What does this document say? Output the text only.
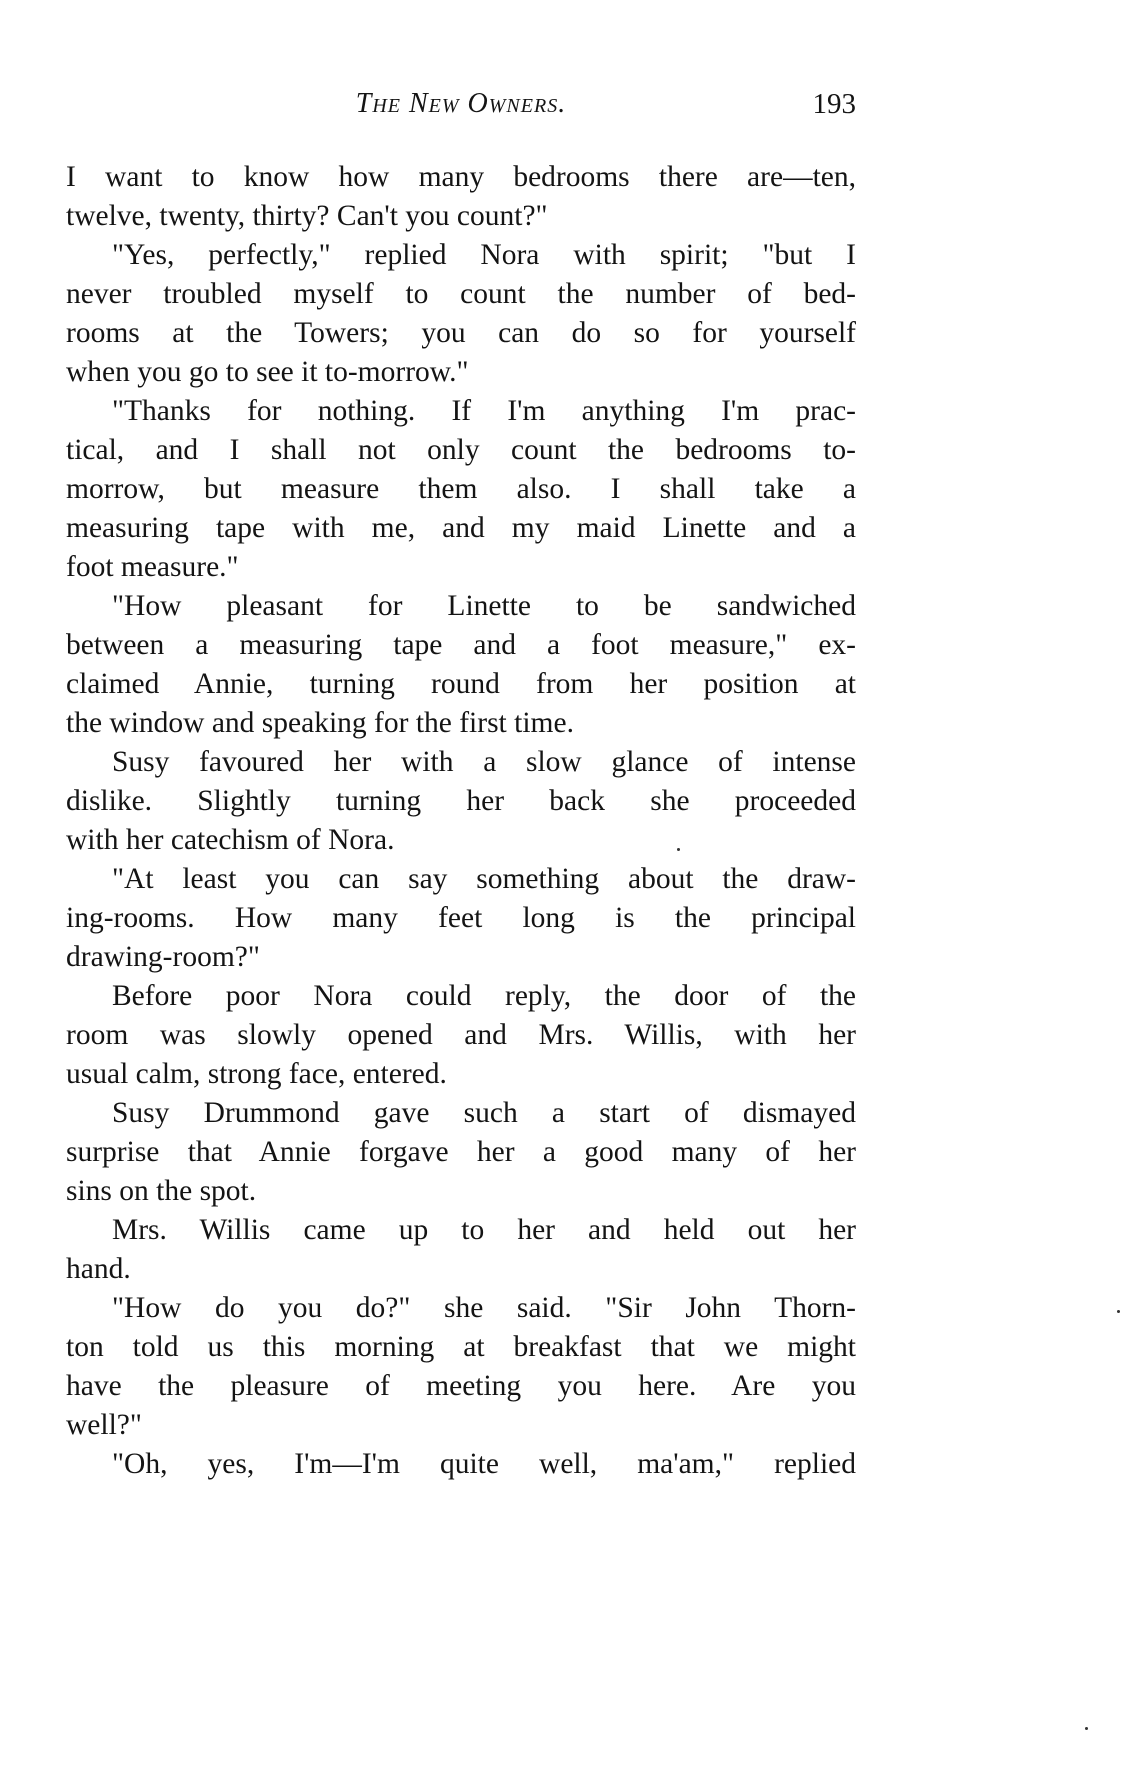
The New Owners.	193
I want to know how many bedrooms there are—ten,
twelve, twenty, thirty? Can't you count?"
"Yes, perfectly," replied Nora with spirit; "but I
never troubled myself to count the number of bed-
rooms at the Towers; you can do so for yourself
when you go to see it to-morrow."
"Thanks for nothing. If I'm anything I'm prac-
tical, and I shall not only count the bedrooms to-
morrow, but measure them also. I shall take a
measuring tape with me, and my maid Linette and a
foot measure."
"How pleasant for Linette to be sandwiched
between a measuring tape and a foot measure," ex-
claimed Annie, turning round from her position at
the window and speaking for the first time.
Susy favoured her with a slow glance of intense
dislike. Slightly turning her back she proceeded
with her catechism of Nora.
"At least you can say something about the draw-
ing-rooms. How many feet long is the principal
drawing-room?"
Before poor Nora could reply, the door of the
room was slowly opened and Mrs. Willis, with her
usual calm, strong face, entered.
Susy Drummond gave such a start of dismayed
surprise that Annie forgave her a good many of her
sins on the spot.
Mrs. Willis came up to her and held out her
hand.
"How do you do?" she said. "Sir John Thorn-
ton told us this morning at breakfast that we might
have the pleasure of meeting you here. Are you
well?"
"Oh, yes, I'm—I'm quite well, ma'am," replied
